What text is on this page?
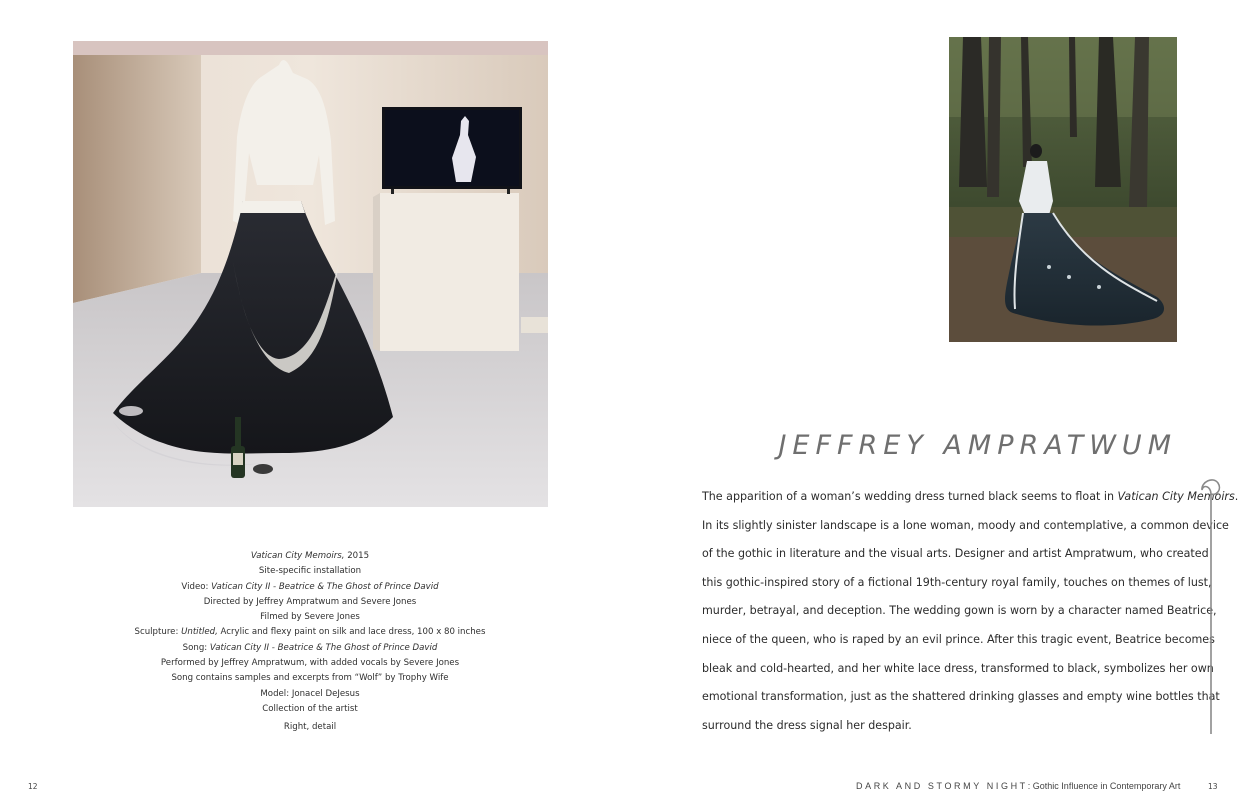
Vatican City Memoirs, 2015
Site-specific installation
Video: Vatican City II - Beatrice & The Ghost of Prince David
Directed by Jeffrey Ampratwum and Severe Jones
Filmed by Severe Jones
Sculpture: Untitled, Acrylic and flexy paint on silk and lace dress, 100 x 80 inches
Song: Vatican City II - Beatrice & The Ghost of Prince David
Performed by Jeffrey Ampratwum, with added vocals by Severe Jones
Song contains samples and excerpts from “Wolf” by Trophy Wife
Model: Jonacel DeJesus
Collection of the artist
Right, detail
JEFFREY AMPRATWUM
The apparition of a woman’s wedding dress turned black seems to float in Vatican City Memoirs.
In its slightly sinister landscape is a lone woman, moody and contemplative, a common device
of the gothic in literature and the visual arts. Designer and artist Ampratwum, who created
this gothic-inspired story of a fictional 19th-century royal family, touches on themes of lust,
murder, betrayal, and deception. The wedding gown is worn by a character named Beatrice,
niece of the queen, who is raped by an evil prince. After this tragic event, Beatrice becomes
bleak and cold-hearted, and her white lace dress, transformed to black, symbolizes her own
emotional transformation, just as the shattered drinking glasses and empty wine bottles that
surround the dress signal her despair.
12	DARK AND STORMY NIGHT: Gothic Influence in Contemporary Art	13
